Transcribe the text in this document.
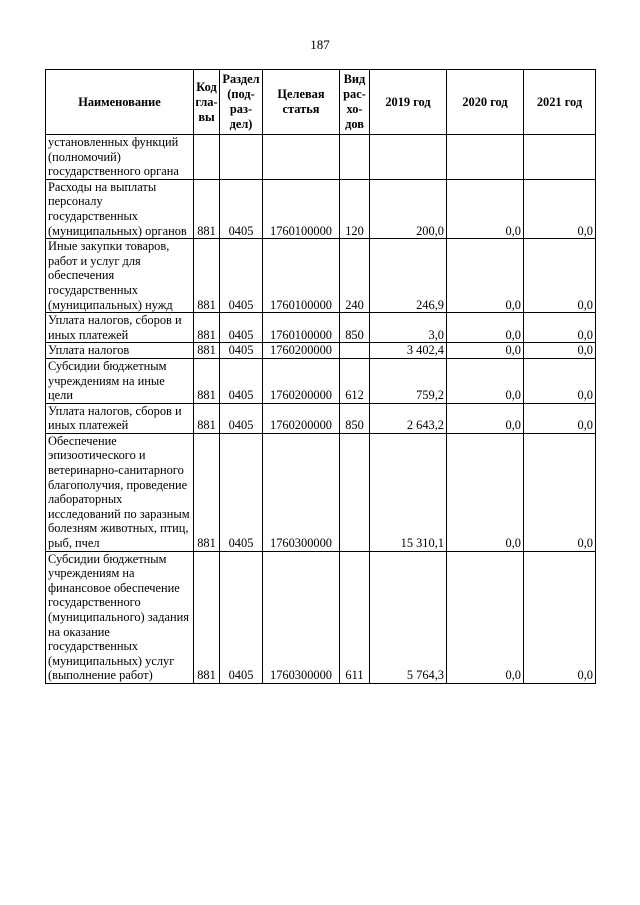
187
Наименование	Код гла-вы	Раздел (под-раз-дел)	Целевая статья	Вид рас-хо-дов	2019 год	2020 год	2021 год
установленных функций (полномочий) государственного органа							
Расходы на выплаты персоналу государственных (муниципальных) органов	881	0405	1760100000	120	200,0	0,0	0,0
Иные закупки товаров, работ и услуг для обеспечения государственных (муниципальных) нужд	881	0405	1760100000	240	246,9	0,0	0,0
Уплата налогов, сборов и иных платежей	881	0405	1760100000	850	3,0	0,0	0,0
Уплата налогов	881	0405	1760200000		3 402,4	0,0	0,0
Субсидии бюджетным учреждениям на иные цели	881	0405	1760200000	612	759,2	0,0	0,0
Уплата налогов, сборов и иных платежей	881	0405	1760200000	850	2 643,2	0,0	0,0
Обеспечение эпизоотического и ветеринарно-санитарного благополучия, проведение лабораторных исследований по заразным болезням животных, птиц, рыб, пчел	881	0405	1760300000		15 310,1	0,0	0,0
Субсидии бюджетным учреждениям на финансовое обеспечение государственного (муниципального) задания на оказание государственных (муниципальных) услуг (выполнение работ)	881	0405	1760300000	611	5 764,3	0,0	0,0
